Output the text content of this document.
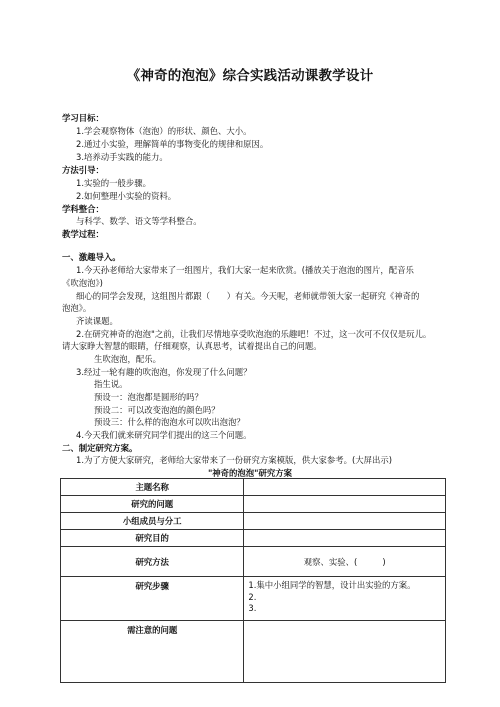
《神奇的泡泡》综合实践活动课教学设计
学习目标：
1.学会观察物体（泡泡）的形状、颜色、大小。
2.通过小实验，理解简单的事物变化的规律和原因。
3.培养动手实践的能力。
方法引导：
1.实验的一般步骤。
2.如何整理小实验的资料。
学科整合：
与科学、数学、语文等学科整合。
教学过程：
一、激趣导入。
1.今天孙老师给大家带来了一组图片，我们大家一起来欣赏。(播放关于泡泡的图片，配音乐
《吹泡泡》)
细心的同学会发现，这组图片都跟（　　）有关。今天呢，老师就带领大家一起研究《神奇的
泡泡》。
齐读课题。
2.在研究神奇的泡泡"之前，让我们尽情地享受吹泡泡的乐趣吧！不过，这一次可不仅仅是玩儿。
请大家睁大智慧的眼睛，仔细观察，认真思考，试着提出自己的问题。
生吹泡泡，配乐。
3.经过一轮有趣的吹泡泡，你发现了什么问题？
指生说。
预设一：泡泡都是圆形的吗？
预设二：可以改变泡泡的颜色吗？
预设三：什么样的泡泡水可以吹出泡泡？
4.今天我们就来研究同学们提出的这三个问题。
二、制定研究方案。
1.为了方便大家研究，老师给大家带来了一份研究方案模版，供大家参考。(大屏出示)
"神奇的泡泡"研究方案
主题名称	
研究的问题	
小组成员与分工	
研究目的	
研究方法	观察、实验、(　　　)
研究步骤	1.集中小组同学的智慧，设计出实验的方案。
2.
3.

需注意的问题	
